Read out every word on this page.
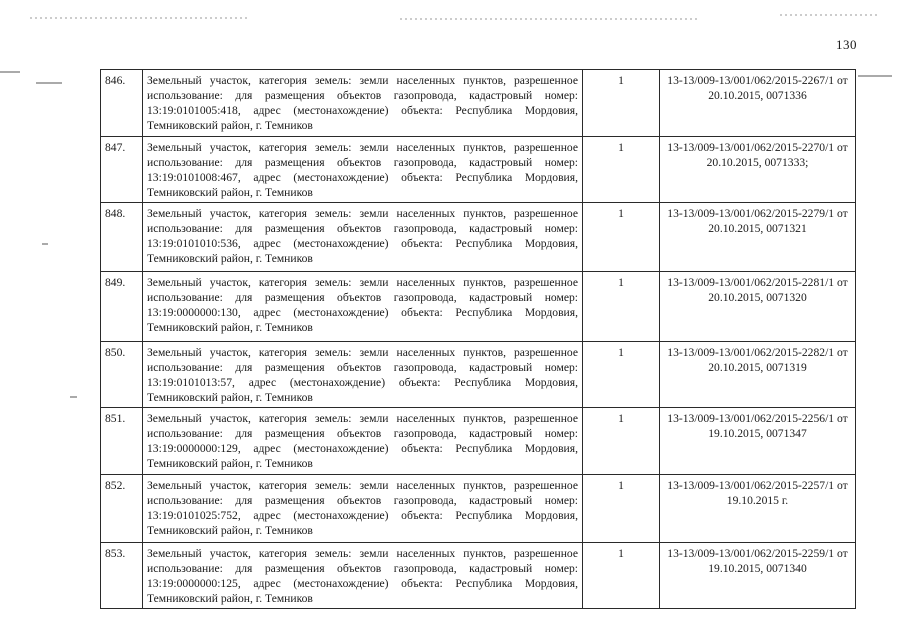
130
846.	Земельный участок, категория земель: земли населенных пунктов, разрешенное использование: для размещения объектов газопровода, кадастровый номер: 13:19:0101005:418, адрес (местонахождение) объекта: Республика Мордовия, Темниковский район, г. Темников	1	13-13/009-13/001/062/2015-2267/1 от 20.10.2015, 0071336
847.	Земельный участок, категория земель: земли населенных пунктов, разрешенное использование: для размещения объектов газопровода, кадастровый номер: 13:19:0101008:467, адрес (местонахождение) объекта: Республика Мордовия, Темниковский район, г. Темников	1	13-13/009-13/001/062/2015-2270/1 от 20.10.2015, 0071333;
848.	Земельный участок, категория земель: земли населенных пунктов, разрешенное использование: для размещения объектов газопровода, кадастровый номер: 13:19:0101010:536, адрес (местонахождение) объекта: Республика Мордовия, Темниковский район, г. Темников	1	13-13/009-13/001/062/2015-2279/1 от 20.10.2015, 0071321
849.	Земельный участок, категория земель: земли населенных пунктов, разрешенное использование: для размещения объектов газопровода, кадастровый номер: 13:19:0000000:130, адрес (местонахождение) объекта: Республика Мордовия, Темниковский район, г. Темников	1	13-13/009-13/001/062/2015-2281/1 от 20.10.2015, 0071320
850.	Земельный участок, категория земель: земли населенных пунктов, разрешенное использование: для размещения объектов газопровода, кадастровый номер: 13:19:0101013:57, адрес (местонахождение) объекта: Республика Мордовия, Темниковский район, г. Темников	1	13-13/009-13/001/062/2015-2282/1 от 20.10.2015, 0071319
851.	Земельный участок, категория земель: земли населенных пунктов, разрешенное использование: для размещения объектов газопровода, кадастровый номер: 13:19:0000000:129, адрес (местонахождение) объекта: Республика Мордовия, Темниковский район, г. Темников	1	13-13/009-13/001/062/2015-2256/1 от 19.10.2015, 0071347
852.	Земельный участок, категория земель: земли населенных пунктов, разрешенное использование: для размещения объектов газопровода, кадастровый номер: 13:19:0101025:752, адрес (местонахождение) объекта: Республика Мордовия, Темниковский район, г. Темников	1	13-13/009-13/001/062/2015-2257/1 от 19.10.2015 г.
853.	Земельный участок, категория земель: земли населенных пунктов, разрешенное использование: для размещения объектов газопровода, кадастровый номер: 13:19:0000000:125, адрес (местонахождение) объекта: Республика Мордовия, Темниковский район, г. Темников	1	13-13/009-13/001/062/2015-2259/1 от 19.10.2015, 0071340
